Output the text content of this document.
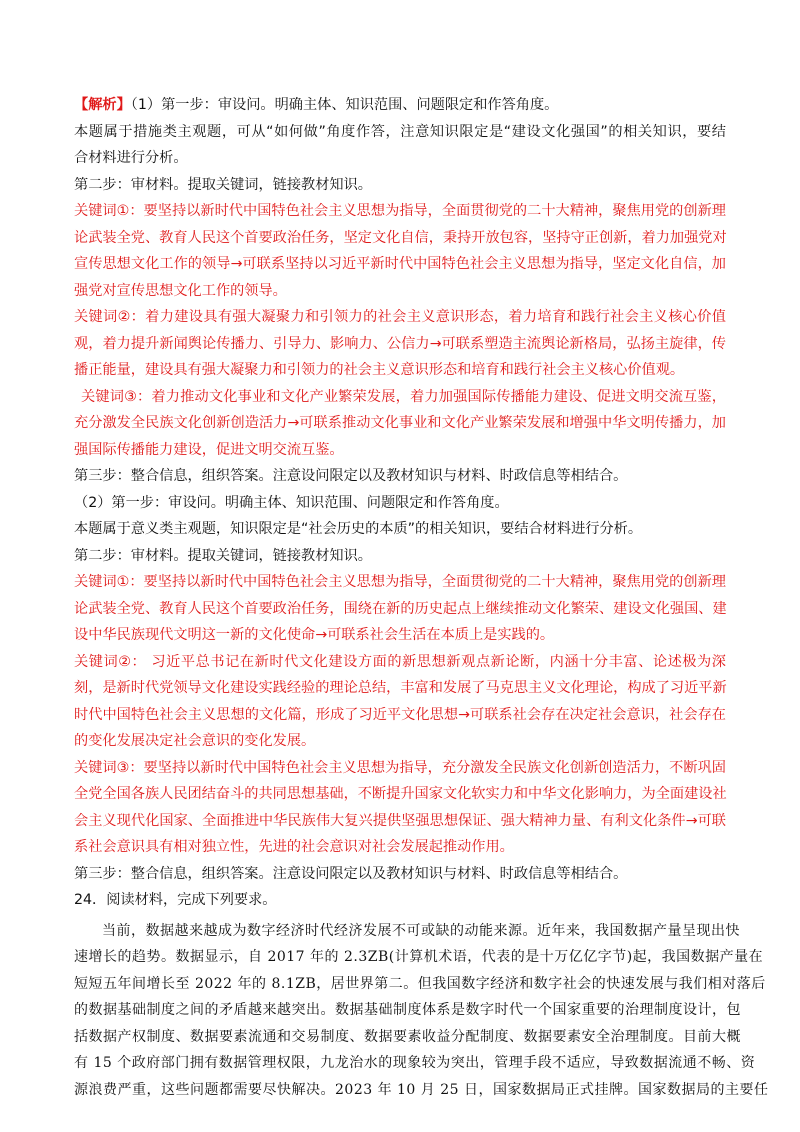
【解析】（1）第一步：审设问。明确主体、知识范围、问题限定和作答角度。
本题属于措施类主观题，可从“如何做”角度作答，注意知识限定是“建设文化强国”的相关知识，要结
合材料进行分析。
第二步：审材料。提取关键词，链接教材知识。
关键词①：要坚持以新时代中国特色社会主义思想为指导，全面贯彻党的二十大精神，聚焦用党的创新理
论武装全党、教育人民这个首要政治任务，坚定文化自信，秉持开放包容，坚持守正创新，着力加强党对
宣传思想文化工作的领导→可联系坚持以习近平新时代中国特色社会主义思想为指导，坚定文化自信，加
强党对宣传思想文化工作的领导。
关键词②：着力建设具有强大凝聚力和引领力的社会主义意识形态，着力培育和践行社会主义核心价值
观，着力提升新闻舆论传播力、引导力、影响力、公信力→可联系塑造主流舆论新格局，弘扬主旋律，传
播正能量，建设具有强大凝聚力和引领力的社会主义意识形态和培育和践行社会主义核心价值观。
关键词③：着力推动文化事业和文化产业繁荣发展，着力加强国际传播能力建设、促进文明交流互鉴，
充分激发全民族文化创新创造活力→可联系推动文化事业和文化产业繁荣发展和增强中华文明传播力，加
强国际传播能力建设，促进文明交流互鉴。
第三步：整合信息，组织答案。注意设问限定以及教材知识与材料、时政信息等相结合。
（2）第一步：审设问。明确主体、知识范围、问题限定和作答角度。
本题属于意义类主观题，知识限定是“社会历史的本质”的相关知识，要结合材料进行分析。
第二步：审材料。提取关键词，链接教材知识。
关键词①：要坚持以新时代中国特色社会主义思想为指导，全面贯彻党的二十大精神，聚焦用党的创新理
论武装全党、教育人民这个首要政治任务，围绕在新的历史起点上继续推动文化繁荣、建设文化强国、建
设中华民族现代文明这一新的文化使命→可联系社会生活在本质上是实践的。
关键词②： 习近平总书记在新时代文化建设方面的新思想新观点新论断，内涵十分丰富、论述极为深
刻，是新时代党领导文化建设实践经验的理论总结，丰富和发展了马克思主义文化理论，构成了习近平新
时代中国特色社会主义思想的文化篇，形成了习近平文化思想→可联系社会存在决定社会意识，社会存在
的变化发展决定社会意识的变化发展。
关键词③：要坚持以新时代中国特色社会主义思想为指导，充分激发全民族文化创新创造活力，不断巩固
全党全国各族人民团结奋斗的共同思想基础，不断提升国家文化软实力和中华文化影响力，为全面建设社
会主义现代化国家、全面推进中华民族伟大复兴提供坚强思想保证、强大精神力量、有利文化条件→可联
系社会意识具有相对独立性，先进的社会意识对社会发展起推动作用。
第三步：整合信息，组织答案。注意设问限定以及教材知识与材料、时政信息等相结合。
24．阅读材料，完成下列要求。
当前，数据越来越成为数字经济时代经济发展不可或缺的动能来源。近年来，我国数据产量呈现出快
速增长的趋势。数据显示，自 2017 年的 2.3ZB(计算机术语，代表的是十万亿亿字节)起，我国数据产量在
短短五年间增长至 2022 年的 8.1ZB，居世界第二。但我国数字经济和数字社会的快速发展与我们相对落后
的数据基础制度之间的矛盾越来越突出。数据基础制度体系是数字时代一个国家重要的治理制度设计，包
括数据产权制度、数据要素流通和交易制度、数据要素收益分配制度、数据要素安全治理制度。目前大概
有 15 个政府部门拥有数据管理权限，九龙治水的现象较为突出，管理手段不适应，导致数据流通不畅、资
源浪费严重，这些问题都需要尽快解决。2023 年 10 月 25 日，国家数据局正式挂牌。国家数据局的主要任
